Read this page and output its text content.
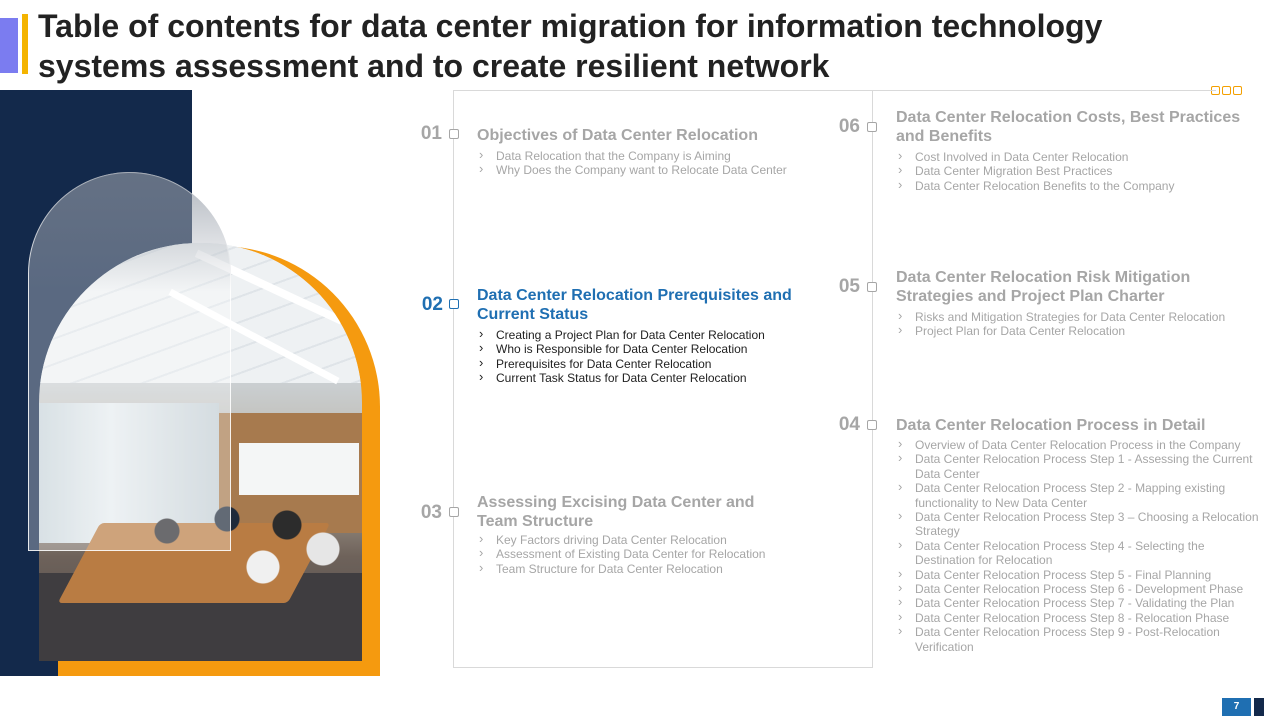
Table of contents for data center migration for information technology
systems assessment and to create resilient network
01 Objectives of Data Center Relocation
› Data Relocation that the Company is Aiming
› Why Does the Company want to Relocate Data Center
02 Data Center Relocation Prerequisites and Current Status
› Creating a Project Plan for Data Center Relocation
› Who is Responsible for Data Center Relocation
› Prerequisites for Data Center Relocation
› Current Task Status for Data Center Relocation
03 Assessing Excising Data Center and Team Structure
› Key Factors driving Data Center Relocation
› Assessment of Existing Data Center for Relocation
› Team Structure for Data Center Relocation
06 Data Center Relocation Costs, Best Practices and Benefits
› Cost Involved in Data Center Relocation
› Data Center Migration Best Practices
› Data Center Relocation Benefits to the Company
05 Data Center Relocation Risk Mitigation Strategies and Project Plan Charter
› Risks and Mitigation Strategies for Data Center Relocation
› Project Plan for Data Center Relocation
04 Data Center Relocation Process in Detail
› Overview of Data Center Relocation Process in the Company
› Data Center Relocation Process Step 1 - Assessing the Current Data Center
› Data Center Relocation Process Step 2 - Mapping existing functionality to New Data Center
› Data Center Relocation Process Step 3 – Choosing a Relocation Strategy
› Data Center Relocation Process Step 4 - Selecting the Destination for Relocation
› Data Center Relocation Process Step 5 - Final Planning
› Data Center Relocation Process Step 6 - Development Phase
› Data Center Relocation Process Step 7 - Validating the Plan
› Data Center Relocation Process Step 8 - Relocation Phase
› Data Center Relocation Process Step 9 - Post-Relocation Verification
7
